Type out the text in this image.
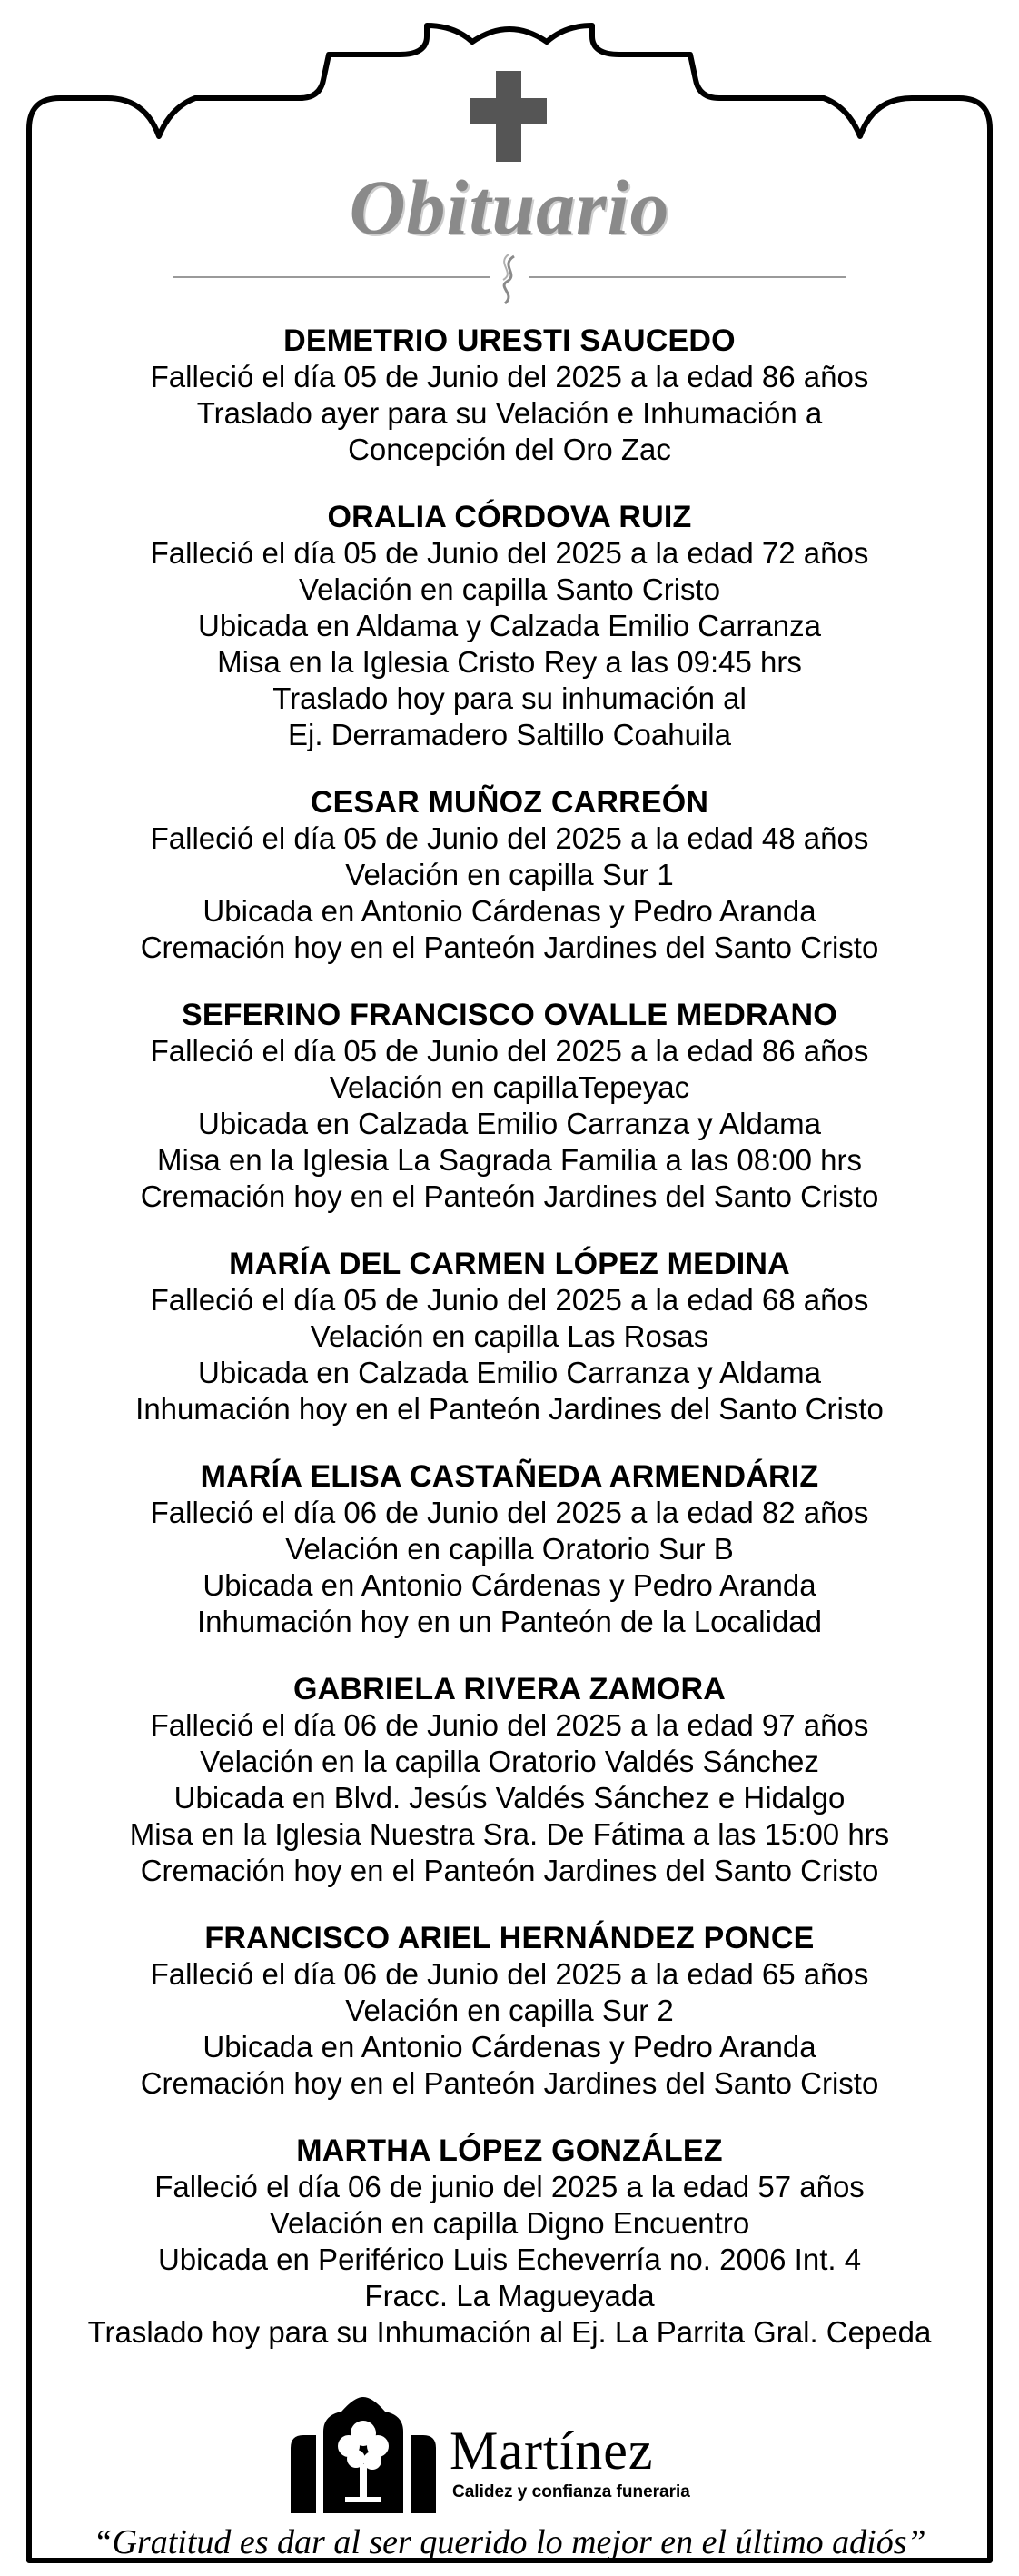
Obituario
DEMETRIO URESTI SAUCEDO
Falleció el día 05 de Junio del 2025 a la edad 86 años
Traslado ayer para su Velación e Inhumación a
Concepción del Oro Zac
ORALIA CÓRDOVA RUIZ
Falleció el día 05 de Junio del 2025 a la edad 72 años
Velación en capilla Santo Cristo
Ubicada en Aldama y Calzada Emilio Carranza
Misa en la Iglesia Cristo Rey a las 09:45 hrs
Traslado hoy para su inhumación al
Ej. Derramadero Saltillo Coahuila
CESAR MUÑOZ CARREÓN
Falleció el día 05 de Junio del 2025 a la edad 48 años
Velación en capilla Sur 1
Ubicada en Antonio Cárdenas y Pedro Aranda
Cremación hoy en el Panteón Jardines del Santo Cristo
SEFERINO FRANCISCO OVALLE MEDRANO
Falleció el día 05 de Junio del 2025 a la edad 86 años
Velación en capillaTepeyac
Ubicada en Calzada Emilio Carranza y Aldama
Misa en la Iglesia La Sagrada Familia a las 08:00 hrs
Cremación hoy en el Panteón Jardines del Santo Cristo
MARÍA DEL CARMEN LÓPEZ MEDINA
Falleció el día 05 de Junio del 2025 a la edad 68 años
Velación en capilla Las Rosas
Ubicada en Calzada Emilio Carranza y Aldama
Inhumación hoy en el Panteón Jardines del Santo Cristo
MARÍA ELISA CASTAÑEDA ARMENDÁRIZ
Falleció el día 06 de Junio del 2025 a la edad 82 años
Velación en capilla Oratorio Sur B
Ubicada en Antonio Cárdenas y Pedro Aranda
Inhumación hoy en un Panteón de la Localidad
GABRIELA RIVERA ZAMORA
Falleció el día 06 de Junio del 2025 a la edad 97 años
Velación en la capilla Oratorio Valdés Sánchez
Ubicada en Blvd. Jesús Valdés Sánchez e Hidalgo
Misa en la Iglesia Nuestra Sra. De Fátima a las 15:00 hrs
Cremación hoy en el Panteón Jardines del Santo Cristo
FRANCISCO ARIEL HERNÁNDEZ PONCE
Falleció el día 06 de Junio del 2025 a la edad 65 años
Velación en capilla Sur 2
Ubicada en Antonio Cárdenas y Pedro Aranda
Cremación hoy en el Panteón Jardines del Santo Cristo
MARTHA LÓPEZ GONZÁLEZ
Falleció el día 06 de junio del 2025 a la edad 57 años
Velación en capilla Digno Encuentro
Ubicada en Periférico Luis Echeverría no. 2006 Int. 4
Fracc. La Magueyada
Traslado hoy para su Inhumación al Ej. La Parrita Gral. Cepeda
Martínez
Calidez y confianza funeraria
“Gratitud es dar al ser querido lo mejor en el último adiós”
